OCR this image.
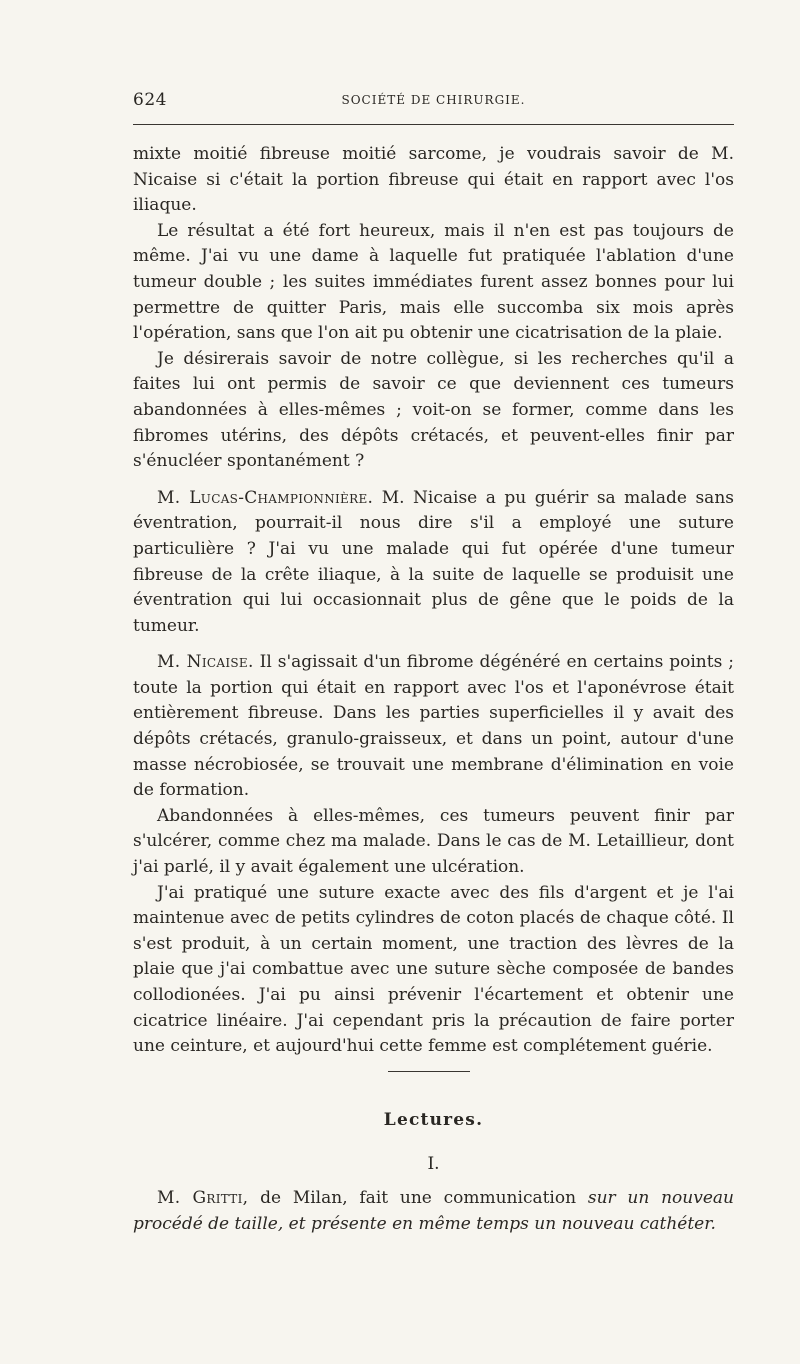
624	SOCIÉTÉ DE CHIRURGIE.

mixte moitié fibreuse moitié sarcome, je voudrais savoir de M. Nicaise si c'était la portion fibreuse qui était en rapport avec l'os iliaque.

Le résultat a été fort heureux, mais il n'en est pas toujours de même. J'ai vu une dame à laquelle fut pratiquée l'ablation d'une tumeur double ; les suites immédiates furent assez bonnes pour lui permettre de quitter Paris, mais elle succomba six mois après l'opération, sans que l'on ait pu obtenir une cicatrisation de la plaie.

Je désirerais savoir de notre collègue, si les recherches qu'il a faites lui ont permis de savoir ce que deviennent ces tumeurs abandonnées à elles-mêmes ; voit-on se former, comme dans les fibromes utérins, des dépôts crétacés, et peuvent-elles finir par s'énucléer spontanément ?

M. Lucas-Championnière. M. Nicaise a pu guérir sa malade sans éventration, pourrait-il nous dire s'il a employé une suture particulière ? J'ai vu une malade qui fut opérée d'une tumeur fibreuse de la crête iliaque, à la suite de laquelle se produisit une éventration qui lui occasionnait plus de gêne que le poids de la tumeur.

M. Nicaise. Il s'agissait d'un fibrome dégénéré en certains points ; toute la portion qui était en rapport avec l'os et l'aponévrose était entièrement fibreuse. Dans les parties superficielles il y avait des dépôts crétacés, granulo-graisseux, et dans un point, autour d'une masse nécrobiosée, se trouvait une membrane d'élimination en voie de formation.

Abandonnées à elles-mêmes, ces tumeurs peuvent finir par s'ulcérer, comme chez ma malade. Dans le cas de M. Letaillieur, dont j'ai parlé, il y avait également une ulcération.

J'ai pratiqué une suture exacte avec des fils d'argent et je l'ai maintenue avec de petits cylindres de coton placés de chaque côté. Il s'est produit, à un certain moment, une traction des lèvres de la plaie que j'ai combattue avec une suture sèche composée de bandes collodionées. J'ai pu ainsi prévenir l'écartement et obtenir une cicatrice linéaire. J'ai cependant pris la précaution de faire porter une ceinture, et aujourd'hui cette femme est complétement guérie.

Lectures.
I.

M. Gritti, de Milan, fait une communication sur un nouveau procédé de taille, et présente en même temps un nouveau cathéter.
